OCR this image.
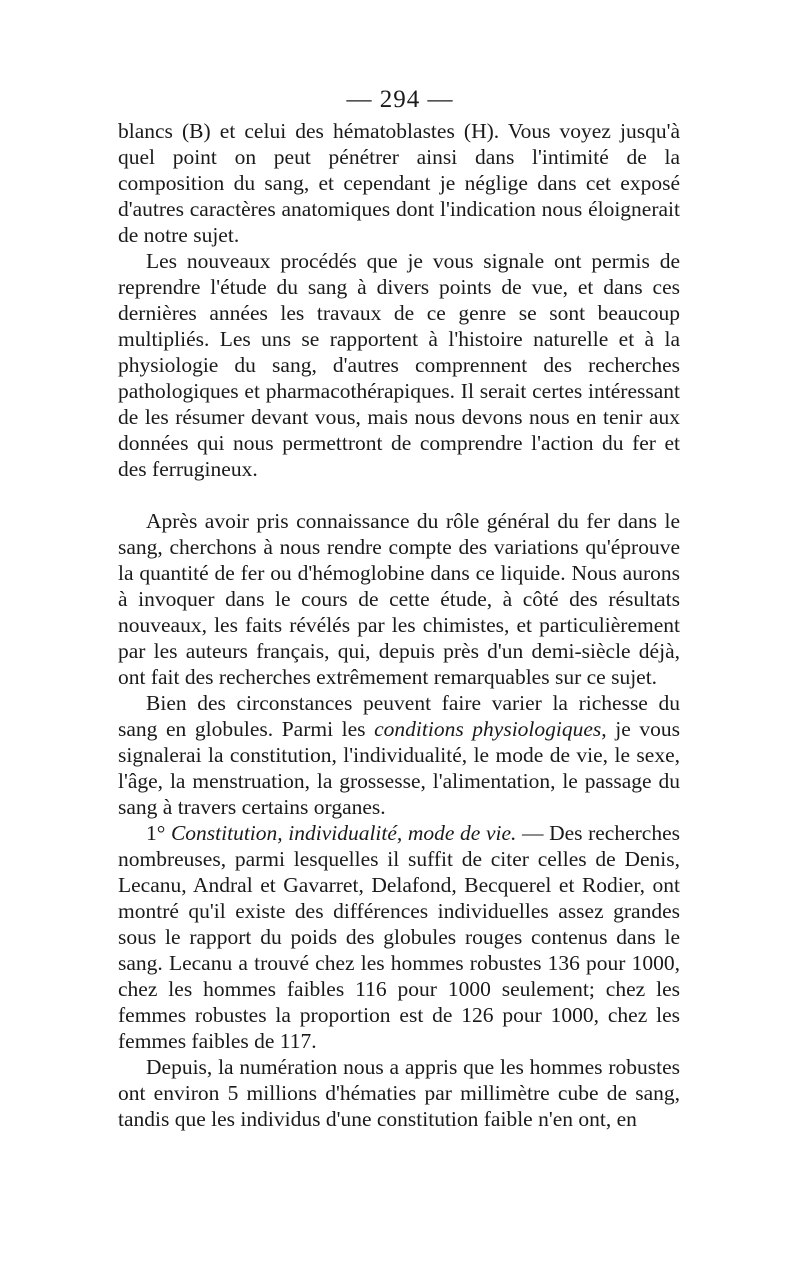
— 294 —

blancs (B) et celui des hématoblastes (H). Vous voyez jusqu'à quel point on peut pénétrer ainsi dans l'intimité de la composition du sang, et cependant je néglige dans cet exposé d'autres caractères anatomiques dont l'indication nous éloignerait de notre sujet.

Les nouveaux procédés que je vous signale ont permis de reprendre l'étude du sang à divers points de vue, et dans ces dernières années les travaux de ce genre se sont beaucoup multipliés. Les uns se rapportent à l'histoire naturelle et à la physiologie du sang, d'autres comprennent des recherches pathologiques et pharmacothérapiques. Il serait certes intéressant de les résumer devant vous, mais nous devons nous en tenir aux données qui nous permettront de comprendre l'action du fer et des ferrugineux.

Après avoir pris connaissance du rôle général du fer dans le sang, cherchons à nous rendre compte des variations qu'éprouve la quantité de fer ou d'hémoglobine dans ce liquide. Nous aurons à invoquer dans le cours de cette étude, à côté des résultats nouveaux, les faits révélés par les chimistes, et particulièrement par les auteurs français, qui, depuis près d'un demi-siècle déjà, ont fait des recherches extrêmement remarquables sur ce sujet.

Bien des circonstances peuvent faire varier la richesse du sang en globules. Parmi les conditions physiologiques, je vous signalerai la constitution, l'individualité, le mode de vie, le sexe, l'âge, la menstruation, la grossesse, l'alimentation, le passage du sang à travers certains organes.

1° Constitution, individualité, mode de vie. — Des recherches nombreuses, parmi lesquelles il suffit de citer celles de Denis, Lecanu, Andral et Gavarret, Delafond, Becquerel et Rodier, ont montré qu'il existe des différences individuelles assez grandes sous le rapport du poids des globules rouges contenus dans le sang. Lecanu a trouvé chez les hommes robustes 136 pour 1000, chez les hommes faibles 116 pour 1000 seulement; chez les femmes robustes la proportion est de 126 pour 1000, chez les femmes faibles de 117.

Depuis, la numération nous a appris que les hommes robustes ont environ 5 millions d'hématies par millimètre cube de sang, tandis que les individus d'une constitution faible n'en ont, en
